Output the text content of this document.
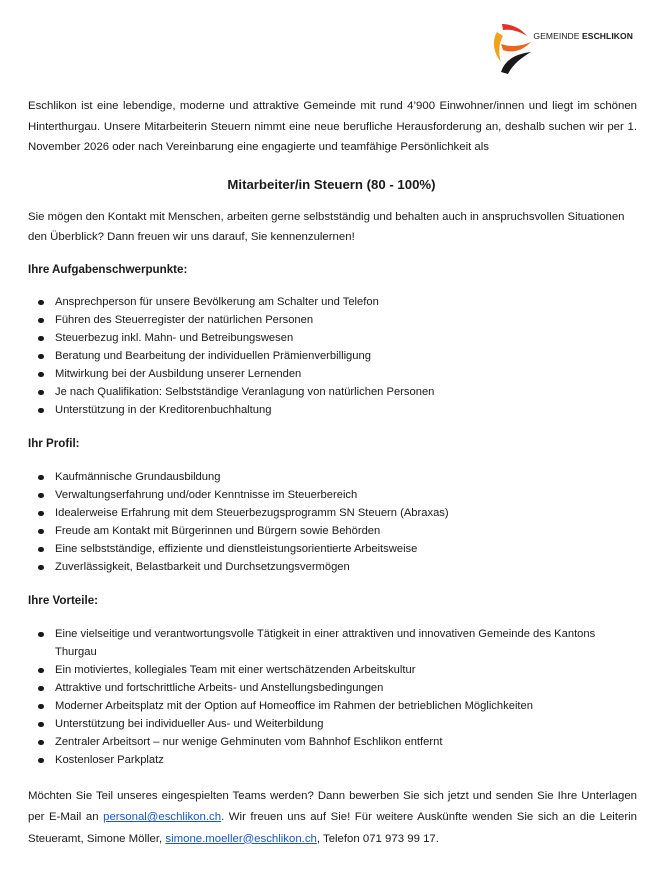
GEMEINDE ESCHLIKON

Eschlikon ist eine lebendige, moderne und attraktive Gemeinde mit rund 4’900 Einwohner/innen und liegt im schönen Hinterthurgau. Unsere Mitarbeiterin Steuern nimmt eine neue berufliche Herausforderung an, deshalb suchen wir per 1. November 2026 oder nach Vereinbarung eine engagierte und teamfähige Persönlichkeit als

Mitarbeiter/in Steuern (80 - 100%)

Sie mögen den Kontakt mit Menschen, arbeiten gerne selbstständig und behalten auch in anspruchsvollen Situationen den Überblick? Dann freuen wir uns darauf, Sie kennenzulernen!

Ihre Aufgabenschwerpunkte:
Ansprechperson für unsere Bevölkerung am Schalter und Telefon
Führen des Steuerregister der natürlichen Personen
Steuerbezug inkl. Mahn- und Betreibungswesen
Beratung und Bearbeitung der individuellen Prämienverbilligung
Mitwirkung bei der Ausbildung unserer Lernenden
Je nach Qualifikation: Selbstständige Veranlagung von natürlichen Personen
Unterstützung in der Kreditorenbuchhaltung
Ihr Profil:
Kaufmännische Grundausbildung
Verwaltungserfahrung und/oder Kenntnisse im Steuerbereich
Idealerweise Erfahrung mit dem Steuerbezugsprogramm SN Steuern (Abraxas)
Freude am Kontakt mit Bürgerinnen und Bürgern sowie Behörden
Eine selbstständige, effiziente und dienstleistungsorientierte Arbeitsweise
Zuverlässigkeit, Belastbarkeit und Durchsetzungsvermögen
Ihre Vorteile:
Eine vielseitige und verantwortungsvolle Tätigkeit in einer attraktiven und innovativen Gemeinde des Kantons Thurgau
Ein motiviertes, kollegiales Team mit einer wertschätzenden Arbeitskultur
Attraktive und fortschrittliche Arbeits- und Anstellungsbedingungen
Moderner Arbeitsplatz mit der Option auf Homeoffice im Rahmen der betrieblichen Möglichkeiten
Unterstützung bei individueller Aus- und Weiterbildung
Zentraler Arbeitsort – nur wenige Gehminuten vom Bahnhof Eschlikon entfernt
Kostenloser Parkplatz

Möchten Sie Teil unseres eingespielten Teams werden? Dann bewerben Sie sich jetzt und senden Sie Ihre Unterlagen per E-Mail an personal@eschlikon.ch. Wir freuen uns auf Sie! Für weitere Auskünfte wenden Sie sich an die Leiterin Steueramt, Simone Möller, simone.moeller@eschlikon.ch, Telefon 071 973 99 17.
